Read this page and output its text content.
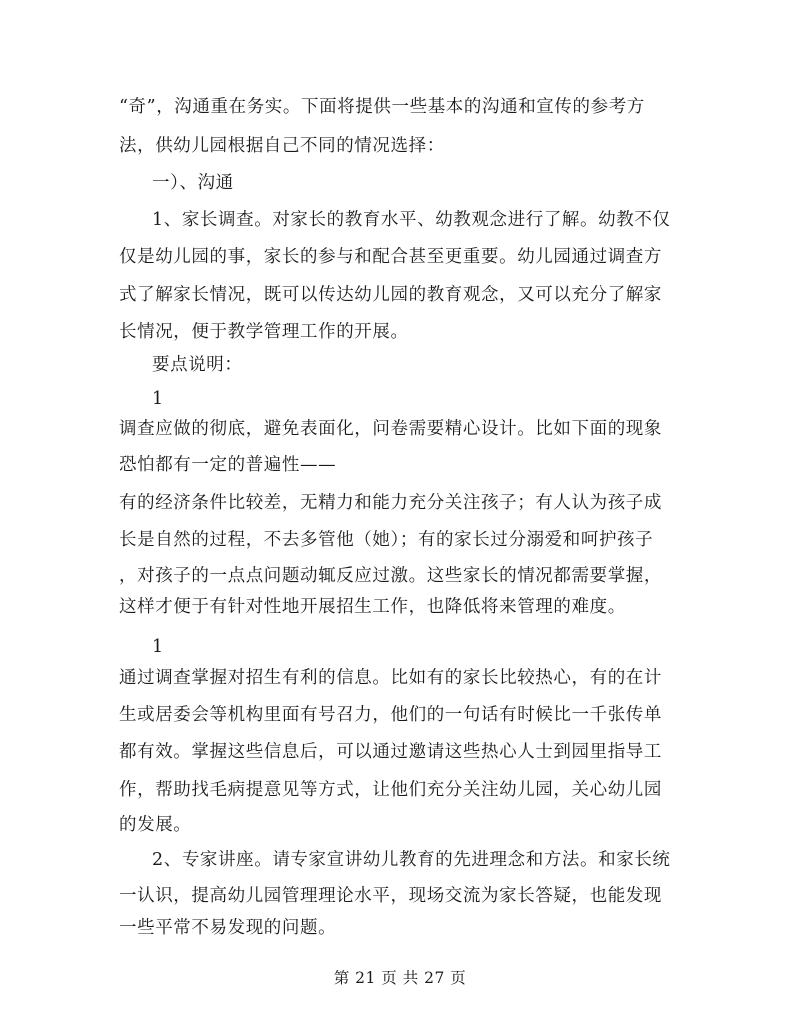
“奇”，沟通重在务实。下面将提供一些基本的沟通和宣传的参考方
法，供幼儿园根据自己不同的情况选择：
一）、沟通
1、家长调查。对家长的教育水平、幼教观念进行了解。幼教不仅
仅是幼儿园的事，家长的参与和配合甚至更重要。幼儿园通过调查方
式了解家长情况，既可以传达幼儿园的教育观念，又可以充分了解家
长情况，便于教学管理工作的开展。
要点说明：
1
调查应做的彻底，避免表面化，问卷需要精心设计。比如下面的现象
恐怕都有一定的普遍性——
有的经济条件比较差，无精力和能力充分关注孩子；有人认为孩子成
长是自然的过程，不去多管他（她）；有的家长过分溺爱和呵护孩子
，对孩子的一点点问题动辄反应过激。这些家长的情况都需要掌握，
这样才便于有针对性地开展招生工作，也降低将来管理的难度。
1
通过调查掌握对招生有利的信息。比如有的家长比较热心，有的在计
生或居委会等机构里面有号召力，他们的一句话有时候比一千张传单
都有效。掌握这些信息后，可以通过邀请这些热心人士到园里指导工
作，帮助找毛病提意见等方式，让他们充分关注幼儿园，关心幼儿园
的发展。
2、专家讲座。请专家宣讲幼儿教育的先进理念和方法。和家长统
一认识，提高幼儿园管理理论水平，现场交流为家长答疑，也能发现
一些平常不易发现的问题。
第 21 页 共 27 页
